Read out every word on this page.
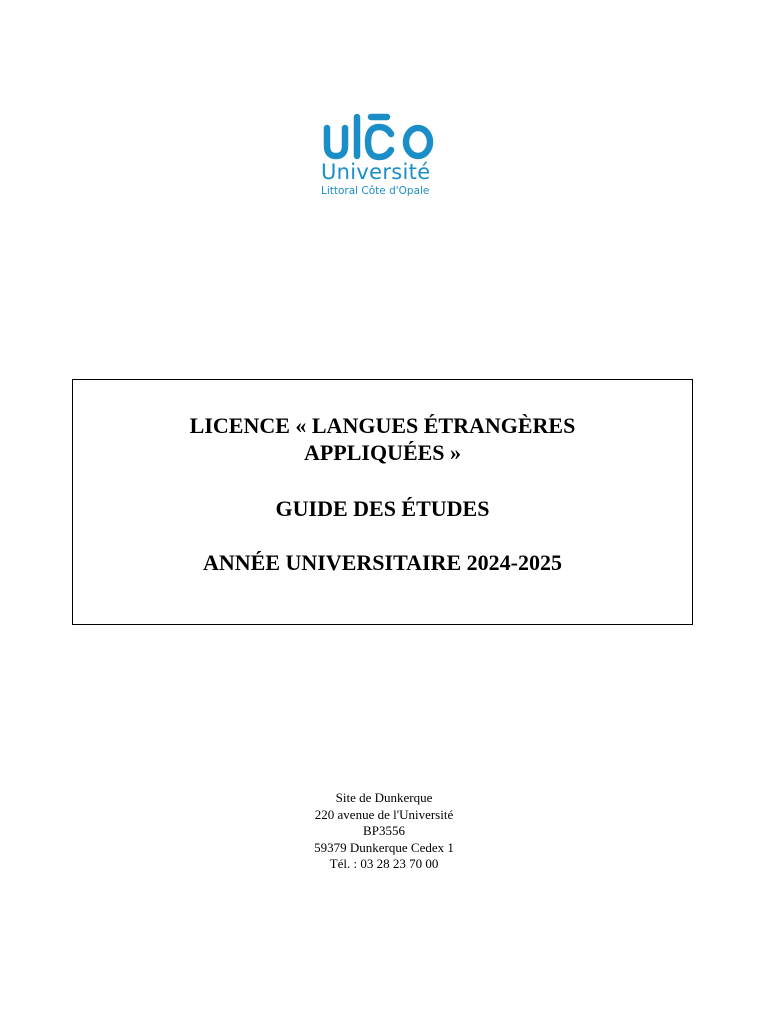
Université
Littoral Côte d'Opale
LICENCE « LANGUES ÉTRANGÈRES
APPLIQUÉES »
GUIDE DES ÉTUDES
ANNÉE UNIVERSITAIRE 2024-2025
Site de Dunkerque
220 avenue de l'Université
BP3556
59379 Dunkerque Cedex 1
Tél. : 03 28 23 70 00
